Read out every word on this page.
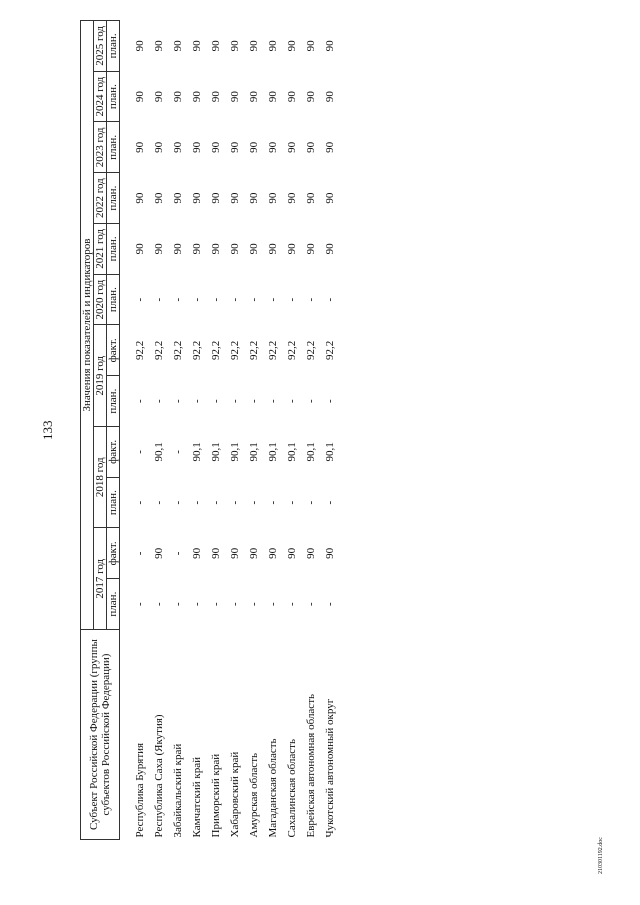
133
210301192.doc
Субъект Российской Федерации (группы субъектов Российской Федерации)	Значения показателей и индикаторов											
	2017 год		2018 год		2019 год		2020 год	2021 год	2022 год	2023 год	2024 год	2025 год
	план.	факт.	план.	факт.	план.	факт.	план.	план.	план.	план.	план.	план.

Республика Бурятия	-	-	-	-	-	92,2	-	90	90	90	90	90
Республика Саха (Якутия)	-	90	-	90,1	-	92,2	-	90	90	90	90	90
Забайкальский край	-	-	-	-	-	92,2	-	90	90	90	90	90
Камчатский край	-	90	-	90,1	-	92,2	-	90	90	90	90	90
Приморский край	-	90	-	90,1	-	92,2	-	90	90	90	90	90
Хабаровский край	-	90	-	90,1	-	92,2	-	90	90	90	90	90
Амурская область	-	90	-	90,1	-	92,2	-	90	90	90	90	90
Магаданская область	-	90	-	90,1	-	92,2	-	90	90	90	90	90
Сахалинская область	-	90	-	90,1	-	92,2	-	90	90	90	90	90
Еврейская автономная область	-	90	-	90,1	-	92,2	-	90	90	90	90	90
Чукотский автономный округ	-	90	-	90,1	-	92,2	-	90	90	90	90	90
